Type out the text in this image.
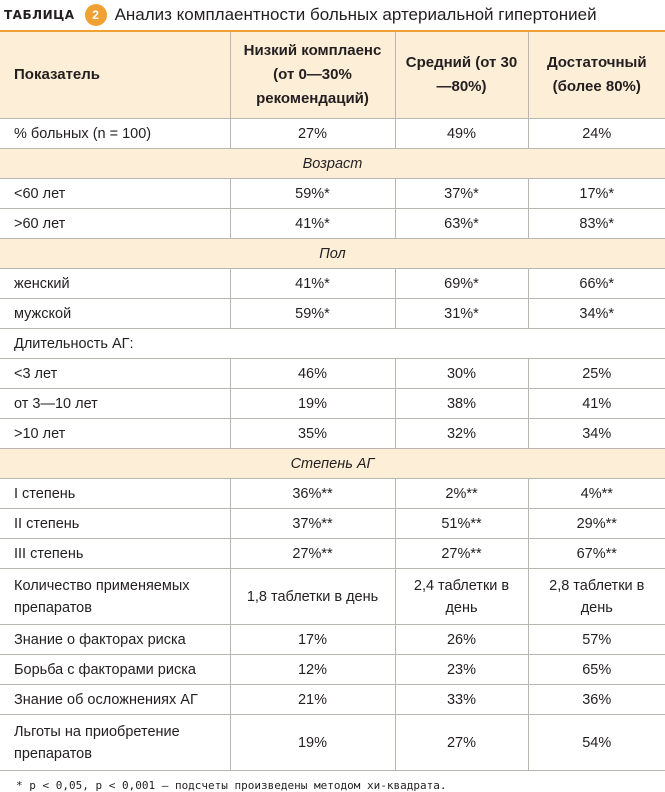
ТАБЛИЦА	2 Анализ комплаентности больных артериальной гипертонией
Показатель	Низкий комплаенс (от 0—30% рекомендаций)	Средний (от 30—80%)	Достаточный (более 80%)
% больных (n = 100)	27%	49%	24%
Возраст			
<60 лет	59%*	37%*	17%*
>60 лет	41%*	63%*	83%*
Пол			
женский	41%*	69%*	66%*
мужской	59%*	31%*	34%*
Длительность АГ:			
<3 лет	46%	30%	25%
от 3—10 лет	19%	38%	41%
>10 лет	35%	32%	34%
Степень АГ			
I степень	36%**	2%**	4%**
II степень	37%**	51%**	29%**
III степень	27%**	27%**	67%**
Количество применяемых препаратов	1,8 таблетки в день	2,4 таблетки в день	2,8 таблетки в день
Знание о факторах риска	17%	26%	57%
Борьба с факторами риска	12%	23%	65%
Знание об осложнениях АГ	21%	33%	36%
Льготы на приобретение препаратов	19%	27%	54%
* p < 0,05, p < 0,001 — подсчеты произведены методом хи-квадрата.
